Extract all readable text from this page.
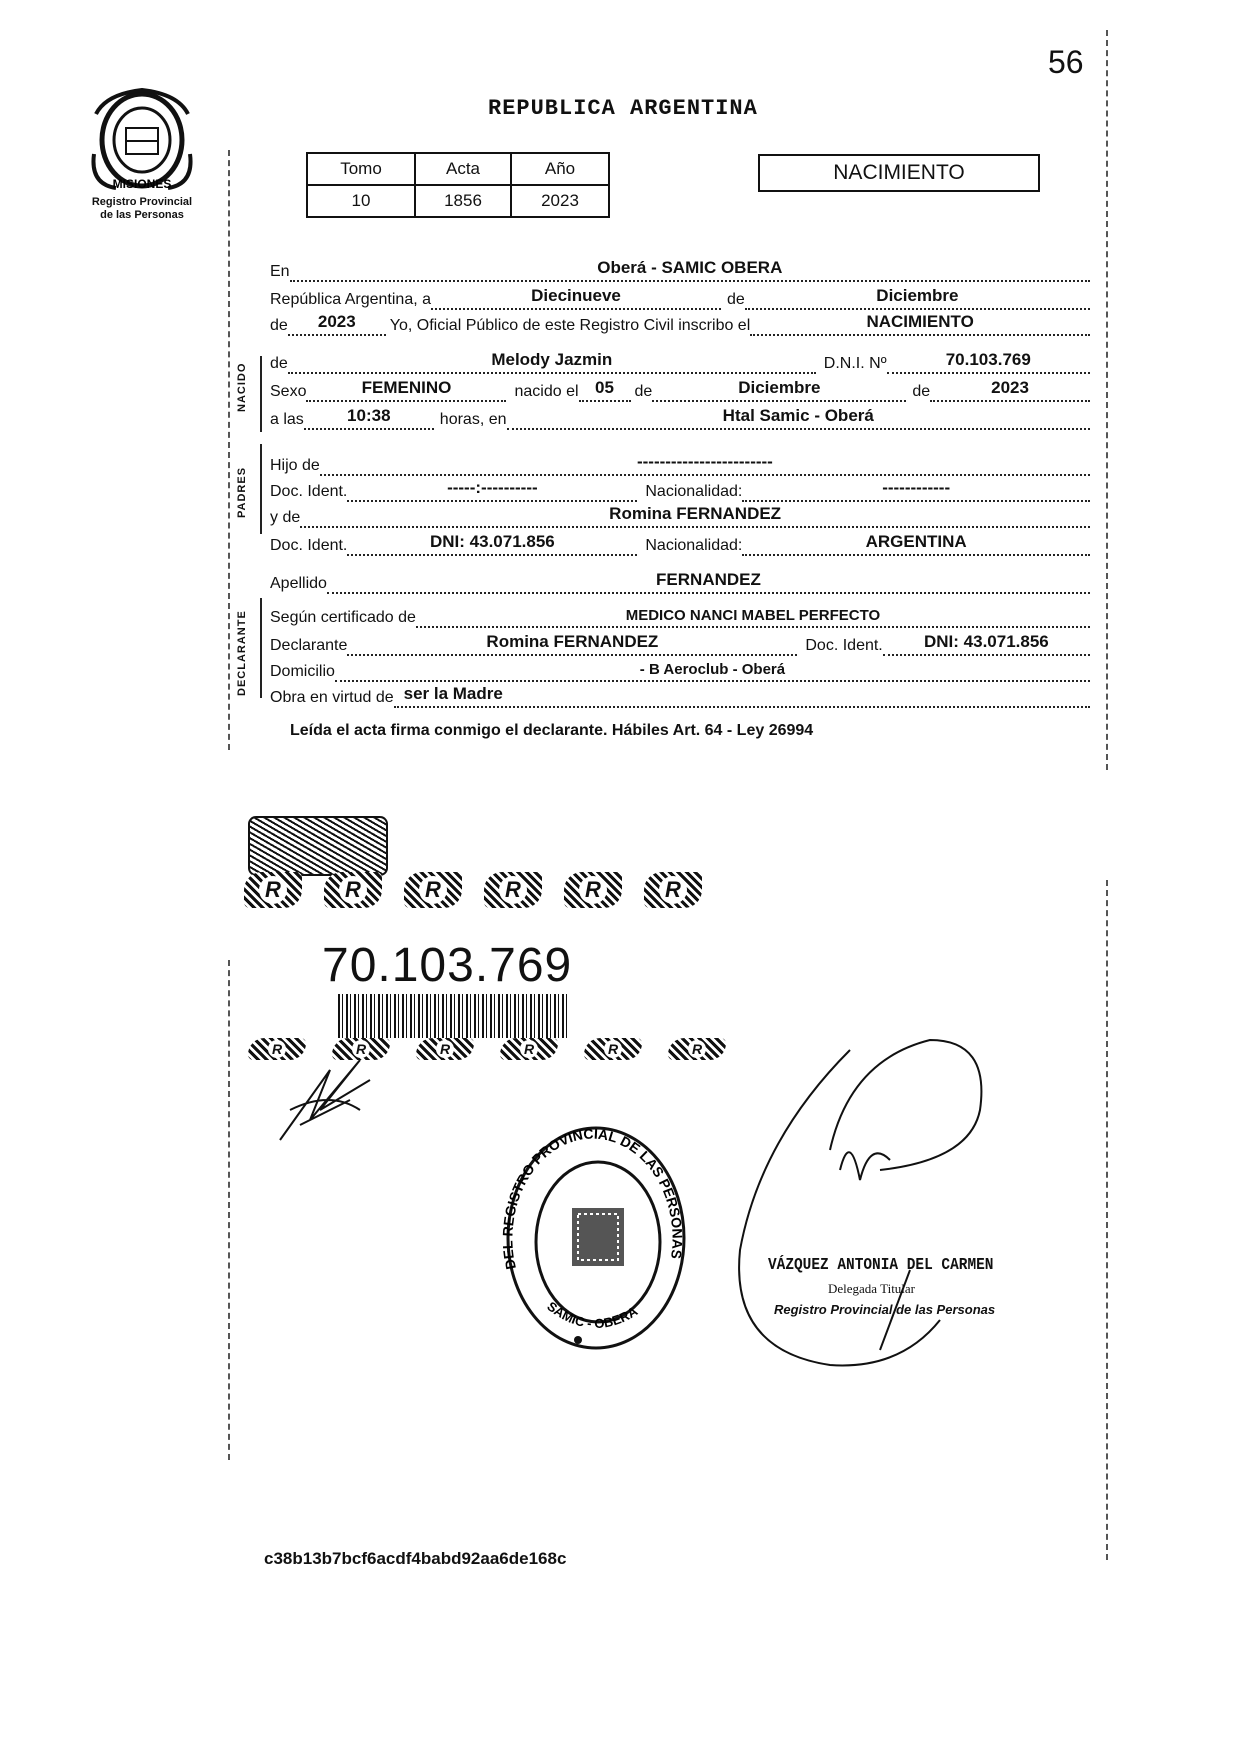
56
MISIONES
Registro Provincial
de las Personas
REPUBLICA ARGENTINA
Tomo	Acta	Año
10	1856	2023
NACIMIENTO
NACIDO
PADRES
DECLARANTE
En	Oberá - SAMIC OBERA
República Argentina, a	Diecinueve	de	Diciembre
de	2023	Yo, Oficial Público de este Registro Civil inscribo el	NACIMIENTO
de	Melody Jazmin	D.N.I. Nº	70.103.769
Sexo	FEMENINO	nacido el 05	de	Diciembre	de	2023
a las	10:38	horas, en	Htal Samic - Oberá
Hijo de	------------------------
Doc. Ident.	-----:----------	Nacionalidad:	------------
y de	Romina FERNANDEZ
Doc. Ident.	DNI: 43.071.856	Nacionalidad:	ARGENTINA
Apellido	FERNANDEZ
Según certificado de	MEDICO NANCI MABEL PERFECTO
Declarante	Romina FERNANDEZ	Doc. Ident.	DNI: 43.071.856
Domicilio	- B Aeroclub - Oberá
Obra en virtud de ser la Madre
Leída el acta firma conmigo el declarante. Hábiles Art. 64 - Ley 26994
R	R	R	R	R	R
70.103.769
R	R	R	R	R	R
DEL REGISTRO PROVINCIAL DE LAS PERSONAS
SAMIC - OBERA
VÁZQUEZ ANTONIA DEL CARMEN
Delegada Titular
Registro Provincial de las Personas
c38b13b7bcf6acdf4babd92aa6de168c
